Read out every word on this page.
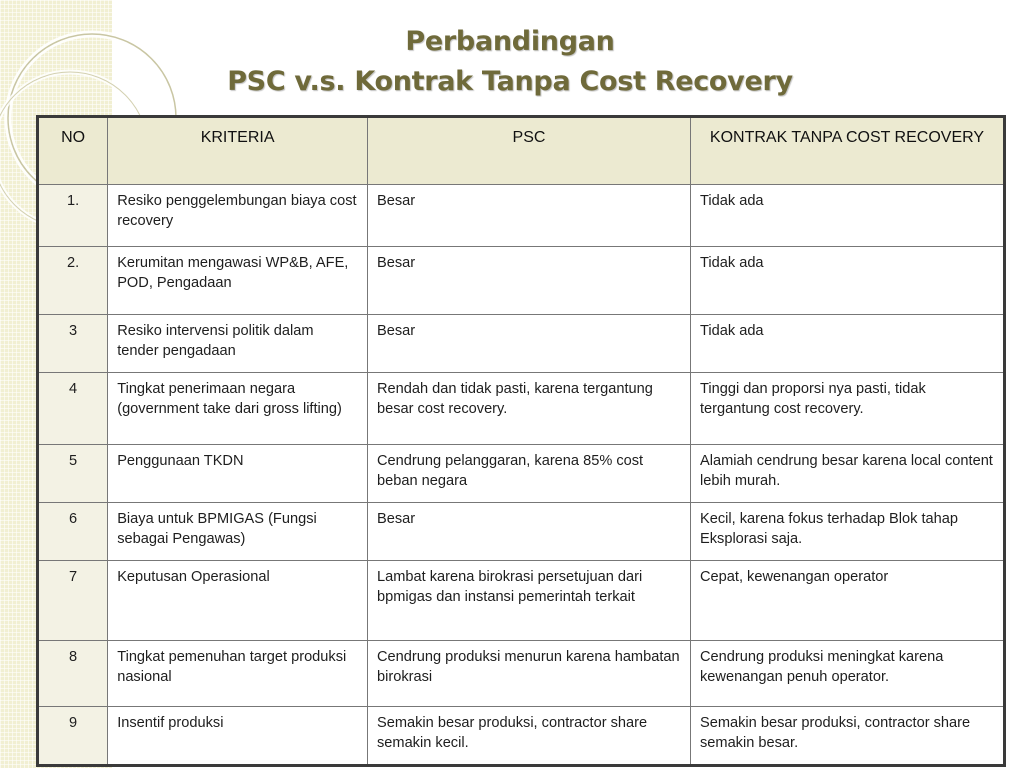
Perbandingan
PSC v.s. Kontrak Tanpa Cost Recovery
NO	KRITERIA	PSC	KONTRAK TANPA COST RECOVERY
1.	Resiko penggelembungan biaya cost recovery	Besar	Tidak ada
2.	Kerumitan mengawasi WP&B, AFE, POD, Pengadaan	Besar	Tidak ada
3	Resiko intervensi politik dalam tender pengadaan	Besar	Tidak ada
4	Tingkat penerimaan negara (government take dari gross lifting)	Rendah dan tidak pasti, karena tergantung besar cost recovery.	Tinggi dan proporsi nya pasti, tidak tergantung cost recovery.
5	Penggunaan TKDN	Cendrung pelanggaran, karena 85% cost beban negara	Alamiah cendrung besar karena local content lebih murah.
6	Biaya untuk BPMIGAS (Fungsi sebagai Pengawas)	Besar	Kecil, karena fokus terhadap Blok tahap Eksplorasi saja.
7	Keputusan Operasional	Lambat karena birokrasi persetujuan dari bpmigas dan instansi pemerintah terkait	Cepat, kewenangan operator
8	Tingkat pemenuhan target produksi nasional	Cendrung produksi menurun karena hambatan birokrasi	Cendrung produksi meningkat karena kewenangan penuh operator.
9	Insentif produksi	Semakin besar produksi, contractor share semakin kecil.	Semakin besar produksi, contractor share semakin besar.
